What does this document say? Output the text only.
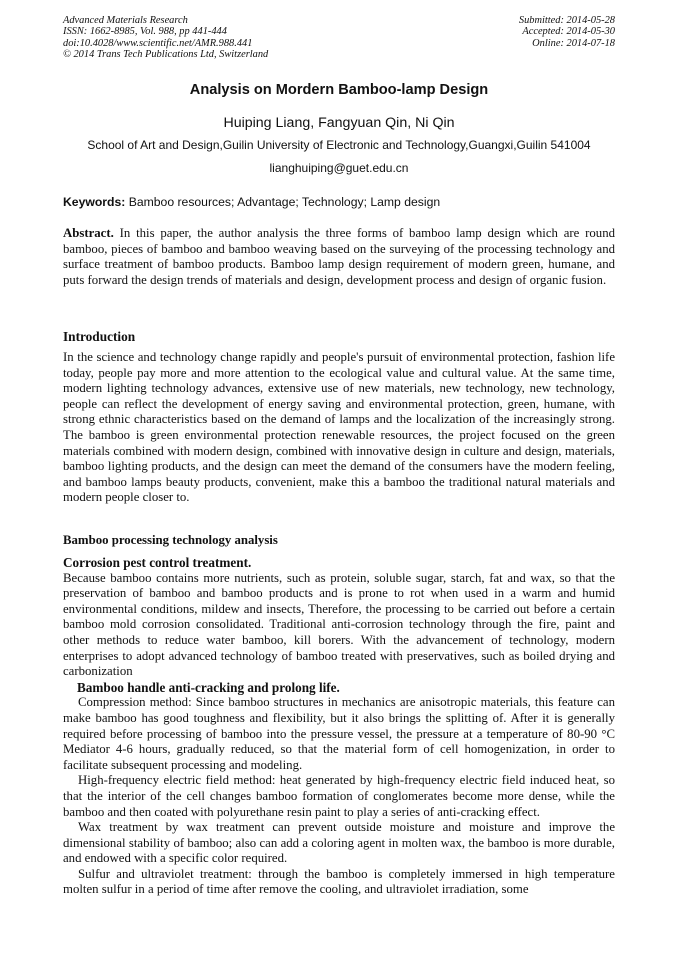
Advanced Materials Research
ISSN: 1662-8985, Vol. 988, pp 441-444
doi:10.4028/www.scientific.net/AMR.988.441
© 2014 Trans Tech Publications Ltd, Switzerland
Submitted: 2014-05-28
Accepted: 2014-05-30
Online: 2014-07-18
Analysis on Mordern Bamboo-lamp Design
Huiping Liang, Fangyuan Qin, Ni Qin
School of Art and Design,Guilin University of Electronic and Technology,Guangxi,Guilin 541004
lianghuiping@guet.edu.cn
Keywords: Bamboo resources; Advantage; Technology; Lamp design

Abstract. In this paper, the author analysis the three forms of bamboo lamp design which are round bamboo, pieces of bamboo and bamboo weaving based on the surveying of the processing technology and surface treatment of bamboo products. Bamboo lamp design requirement of modern green, humane, and puts forward the design trends of materials and design, development process and design of organic fusion.

Introduction

In the science and technology change rapidly and people's pursuit of environmental protection, fashion life today, people pay more and more attention to the ecological value and cultural value. At the same time, modern lighting technology advances, extensive use of new materials, new technology, new technology, people can reflect the development of energy saving and environmental protection, green, humane, with strong ethnic characteristics based on the demand of lamps and the localization of the increasingly strong. The bamboo is green environmental protection renewable resources, the project focused on the green materials combined with modern design, combined with innovative design in culture and design, materials, bamboo lighting products, and the design can meet the demand of the consumers have the modern feeling, and bamboo lamps beauty products, convenient, make this a bamboo the traditional natural materials and modern people closer to.

Bamboo processing technology analysis
Corrosion pest control treatment.

Because bamboo contains more nutrients, such as protein, soluble sugar, starch, fat and wax, so that the preservation of bamboo and bamboo products and is prone to rot when used in a warm and humid environmental conditions, mildew and insects, Therefore, the processing to be carried out before a certain bamboo mold corrosion consolidated. Traditional anti-corrosion technology through the fire, paint and other methods to reduce water bamboo, kill borers. With the advancement of technology, modern enterprises to adopt advanced technology of bamboo treated with preservatives, such as boiled drying and carbonization

Bamboo handle anti-cracking and prolong life.

Compression method: Since bamboo structures in mechanics are anisotropic materials, this feature can make bamboo has good toughness and flexibility, but it also brings the splitting of. After it is generally required before processing of bamboo into the pressure vessel, the pressure at a temperature of 80-90 °C Mediator 4-6 hours, gradually reduced, so that the material form of cell homogenization, in order to facilitate subsequent processing and modeling.

High-frequency electric field method: heat generated by high-frequency electric field induced heat, so that the interior of the cell changes bamboo formation of conglomerates become more dense, while the bamboo and then coated with polyurethane resin paint to play a series of anti-cracking effect.

Wax treatment by wax treatment can prevent outside moisture and moisture and improve the dimensional stability of bamboo; also can add a coloring agent in molten wax, the bamboo is more durable, and endowed with a specific color required.

Sulfur and ultraviolet treatment: through the bamboo is completely immersed in high temperature molten sulfur in a period of time after remove the cooling, and ultraviolet irradiation, some
